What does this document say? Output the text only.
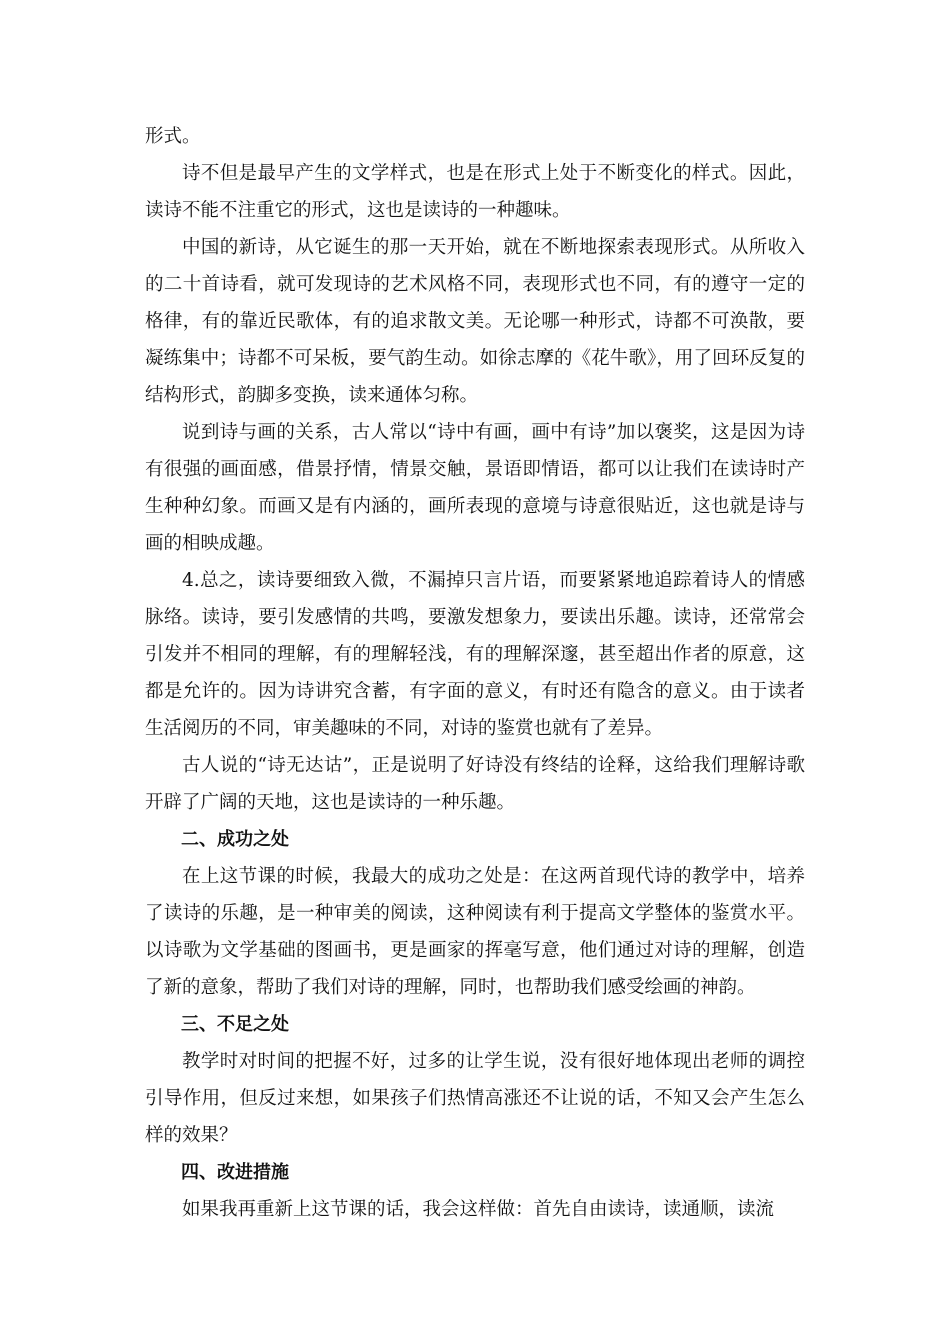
形式。

诗不但是最早产生的文学样式，也是在形式上处于不断变化的样式。因此，读诗不能不注重它的形式，这也是读诗的一种趣味。

中国的新诗，从它诞生的那一天开始，就在不断地探索表现形式。从所收入的二十首诗看，就可发现诗的艺术风格不同，表现形式也不同，有的遵守一定的格律，有的靠近民歌体，有的追求散文美。无论哪一种形式，诗都不可涣散，要凝练集中；诗都不可呆板，要气韵生动。如徐志摩的《花牛歌》，用了回环反复的结构形式，韵脚多变换，读来通体匀称。

说到诗与画的关系，古人常以“诗中有画，画中有诗”加以褒奖，这是因为诗有很强的画面感，借景抒情，情景交触，景语即情语，都可以让我们在读诗时产生种种幻象。而画又是有内涵的，画所表现的意境与诗意很贴近，这也就是诗与画的相映成趣。

4.总之，读诗要细致入微，不漏掉只言片语，而要紧紧地追踪着诗人的情感脉络。读诗，要引发感情的共鸣，要激发想象力，要读出乐趣。读诗，还常常会引发并不相同的理解，有的理解轻浅，有的理解深邃，甚至超出作者的原意，这都是允许的。因为诗讲究含蓄，有字面的意义，有时还有隐含的意义。由于读者生活阅历的不同，审美趣味的不同，对诗的鉴赏也就有了差异。

古人说的“诗无达诂”，正是说明了好诗没有终结的诠释，这给我们理解诗歌开辟了广阔的天地，这也是读诗的一种乐趣。

二、成功之处

在上这节课的时候，我最大的成功之处是：在这两首现代诗的教学中，培养了读诗的乐趣，是一种审美的阅读，这种阅读有利于提高文学整体的鉴赏水平。以诗歌为文学基础的图画书，更是画家的挥毫写意，他们通过对诗的理解，创造了新的意象，帮助了我们对诗的理解，同时，也帮助我们感受绘画的神韵。

三、不足之处

教学时对时间的把握不好，过多的让学生说，没有很好地体现出老师的调控引导作用，但反过来想，如果孩子们热情高涨还不让说的话，不知又会产生怎么样的效果？

四、改进措施

如果我再重新上这节课的话，我会这样做：首先自由读诗，读通顺，读流
